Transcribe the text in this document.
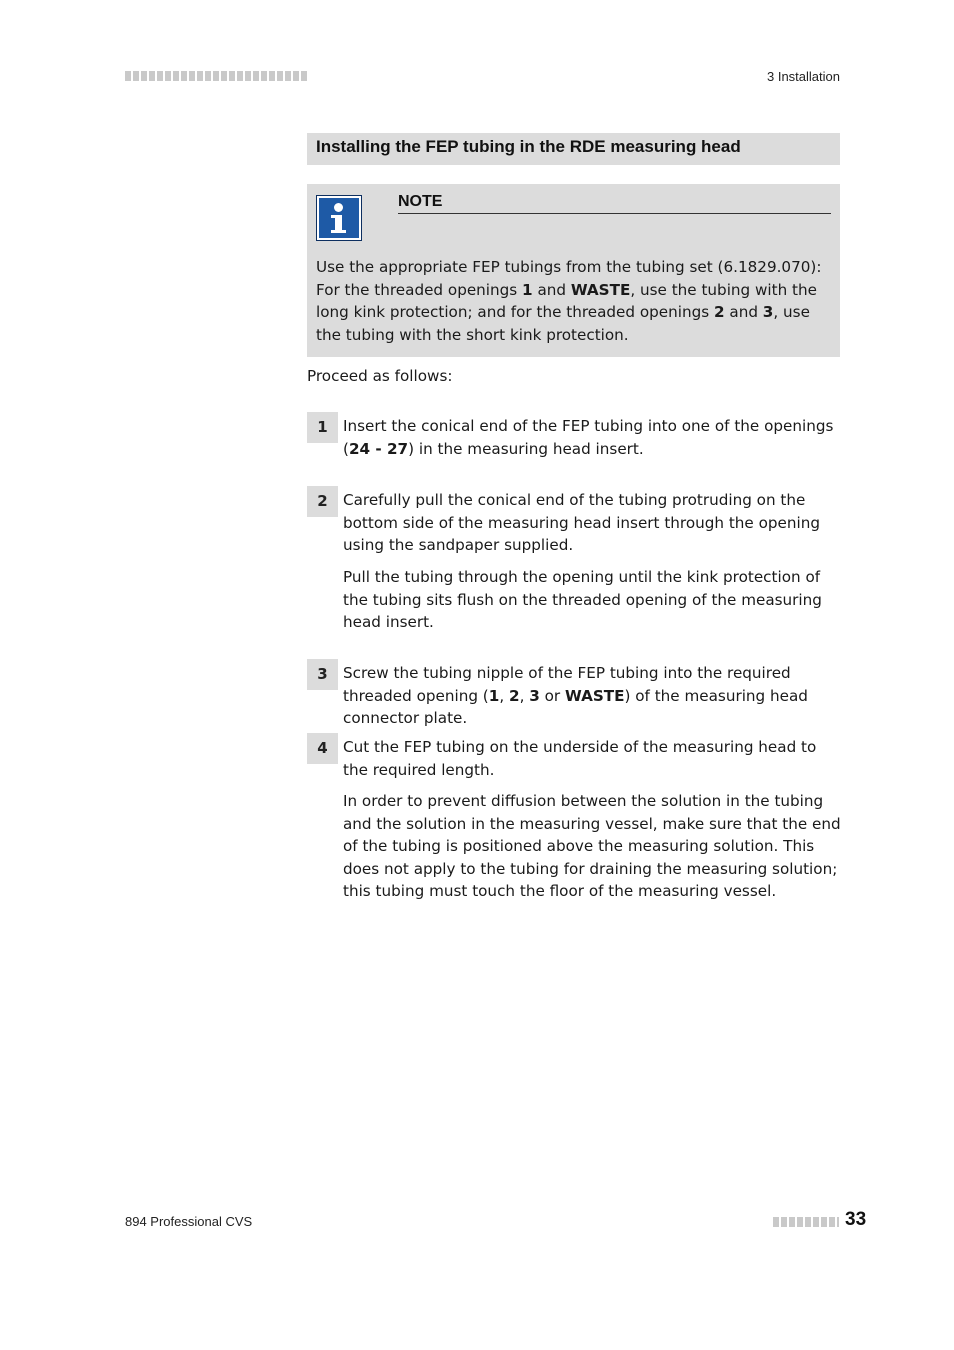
3 Installation
Installing the FEP tubing in the RDE measuring head
NOTE
Use the appropriate FEP tubings from the tubing set (6.1829.070): For the threaded openings 1 and WASTE, use the tubing with the long kink protection; and for the threaded openings 2 and 3, use the tubing with the short kink protection.
Proceed as follows:
1	Insert the conical end of the FEP tubing into one of the openings (24 - 27) in the measuring head insert.
2	Carefully pull the conical end of the tubing protruding on the bottom side of the measuring head insert through the opening using the sandpaper supplied.
Pull the tubing through the opening until the kink protection of the tubing sits flush on the threaded opening of the measuring head insert.
3	Screw the tubing nipple of the FEP tubing into the required threaded opening (1, 2, 3 or WASTE) of the measuring head connector plate.
4	Cut the FEP tubing on the underside of the measuring head to the required length.
In order to prevent diffusion between the solution in the tubing and the solution in the measuring vessel, make sure that the end of the tubing is positioned above the measuring solution. This does not apply to the tubing for draining the measuring solution; this tubing must touch the floor of the measuring vessel.
894 Professional CVS	33
